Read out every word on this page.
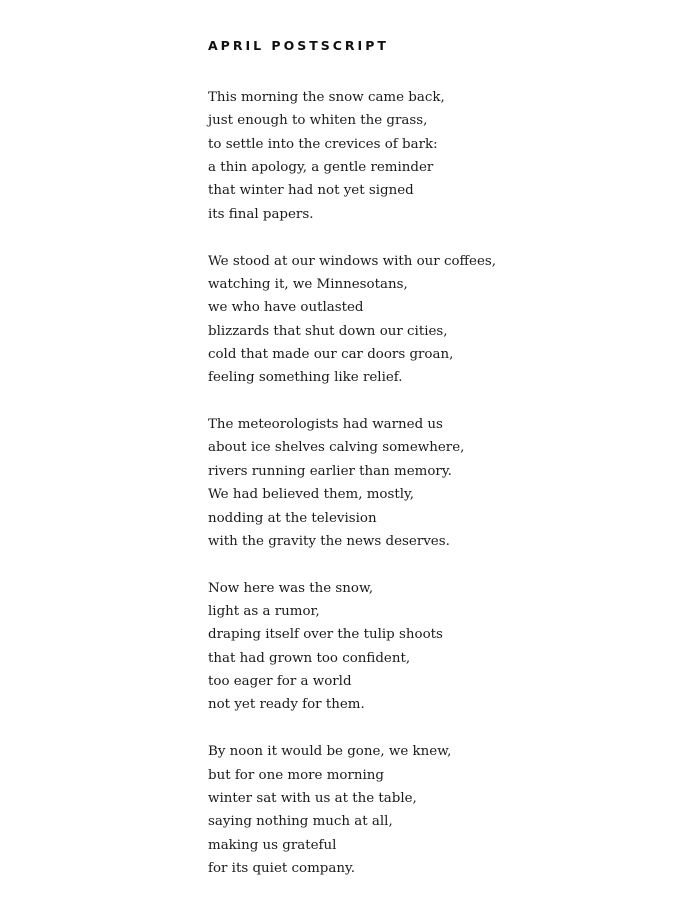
APRIL POSTSCRIPT
This morning the snow came back,
just enough to whiten the grass,
to settle into the crevices of bark:
a thin apology, a gentle reminder
that winter had not yet signed
its final papers.
We stood at our windows with our coffees,
watching it, we Minnesotans,
we who have outlasted
blizzards that shut down our cities,
cold that made our car doors groan,
feeling something like relief.
The meteorologists had warned us
about ice shelves calving somewhere,
rivers running earlier than memory.
We had believed them, mostly,
nodding at the television
with the gravity the news deserves.
Now here was the snow,
light as a rumor,
draping itself over the tulip shoots
that had grown too confident,
too eager for a world
not yet ready for them.
By noon it would be gone, we knew,
but for one more morning
winter sat with us at the table,
saying nothing much at all,
making us grateful
for its quiet company.
